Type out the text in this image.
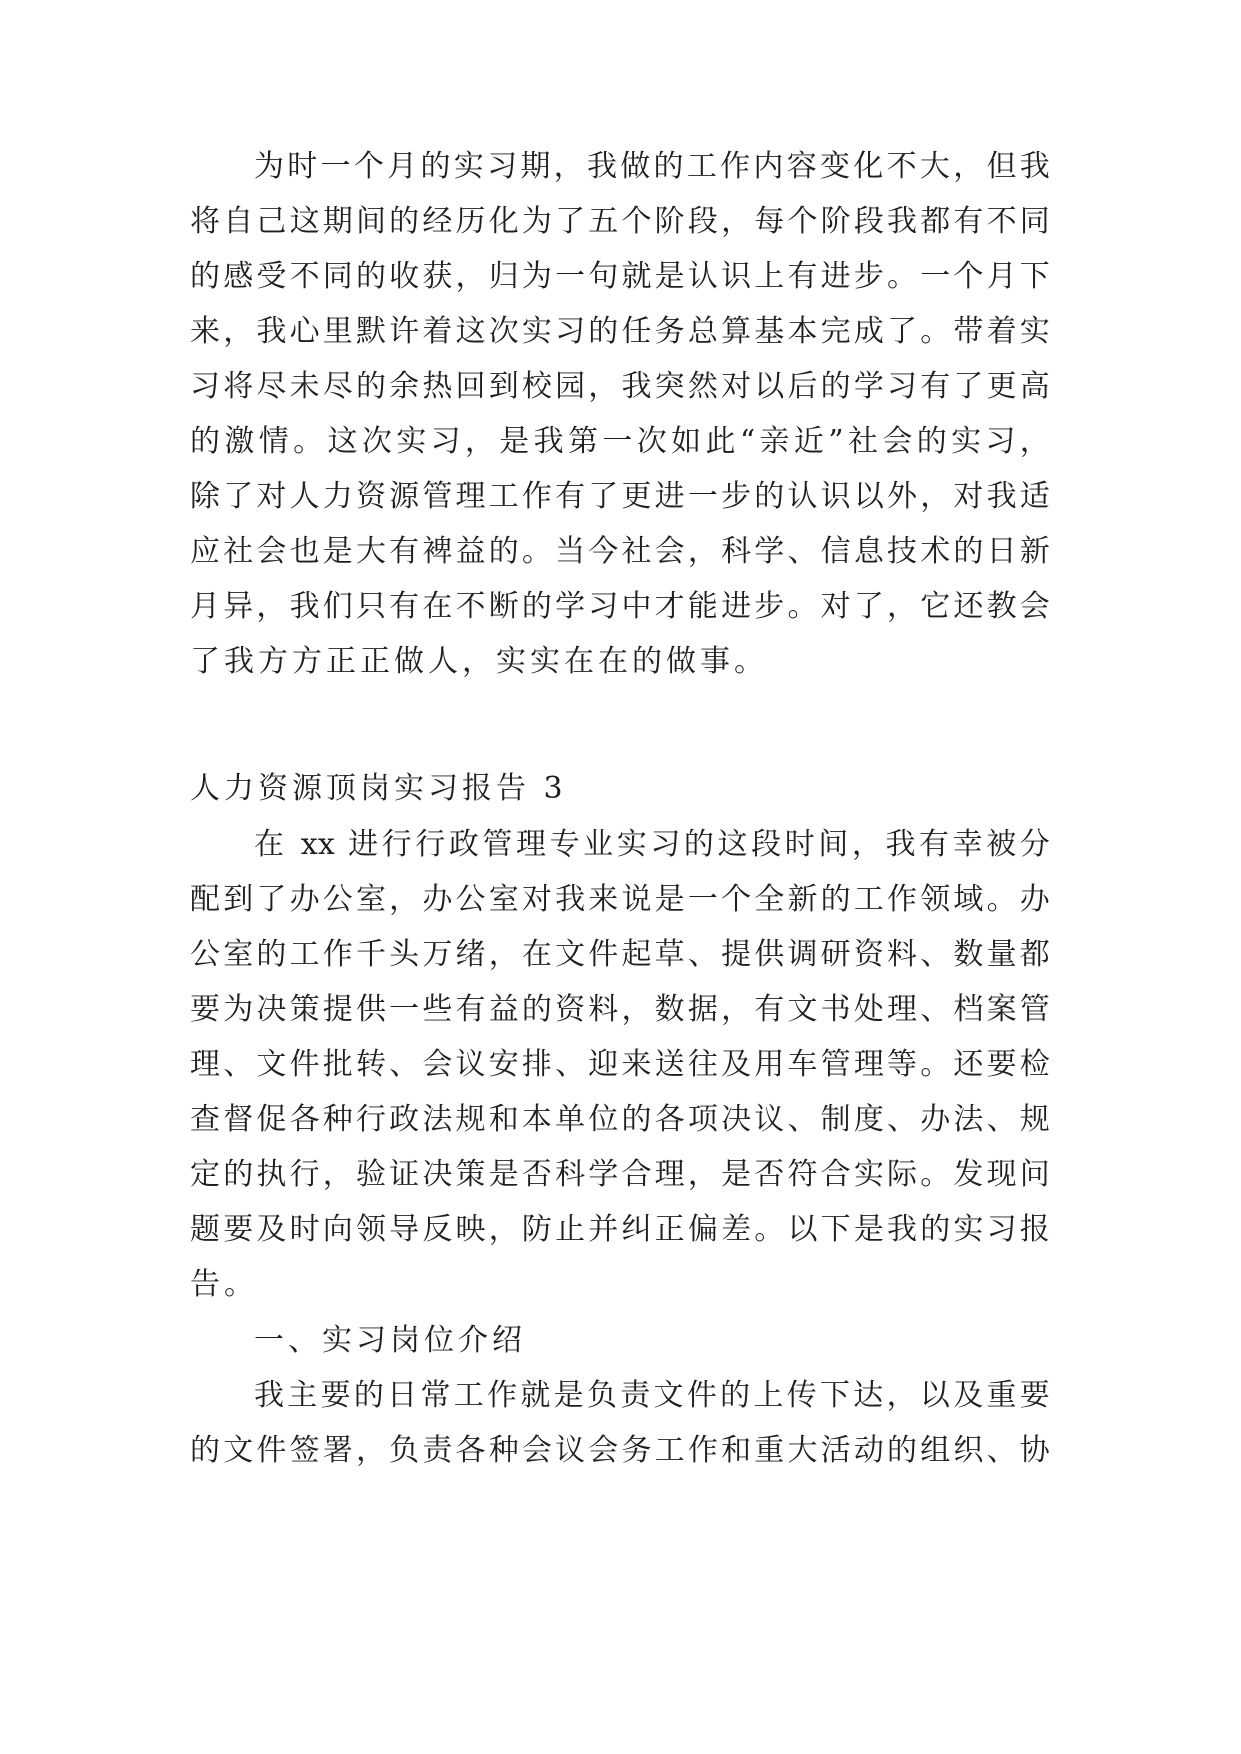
为时一个月的实习期，我做的工作内容变化不大，但我
将自己这期间的经历化为了五个阶段，每个阶段我都有不同
的感受不同的收获，归为一句就是认识上有进步。一个月下
来，我心里默许着这次实习的任务总算基本完成了。带着实
习将尽未尽的余热回到校园，我突然对以后的学习有了更高
的激情。这次实习，是我第一次如此“亲近”社会的实习，
除了对人力资源管理工作有了更进一步的认识以外，对我适
应社会也是大有裨益的。当今社会，科学、信息技术的日新
月异，我们只有在不断的学习中才能进步。对了，它还教会
了我方方正正做人，实实在在的做事。
人力资源顶岗实习报告 3
在 xx 进行行政管理专业实习的这段时间，我有幸被分
配到了办公室，办公室对我来说是一个全新的工作领域。办
公室的工作千头万绪，在文件起草、提供调研资料、数量都
要为决策提供一些有益的资料，数据，有文书处理、档案管
理、文件批转、会议安排、迎来送往及用车管理等。还要检
查督促各种行政法规和本单位的各项决议、制度、办法、规
定的执行，验证决策是否科学合理，是否符合实际。发现问
题要及时向领导反映，防止并纠正偏差。以下是我的实习报
告。
一、实习岗位介绍
我主要的日常工作就是负责文件的上传下达，以及重要
的文件签署，负责各种会议会务工作和重大活动的组织、协
